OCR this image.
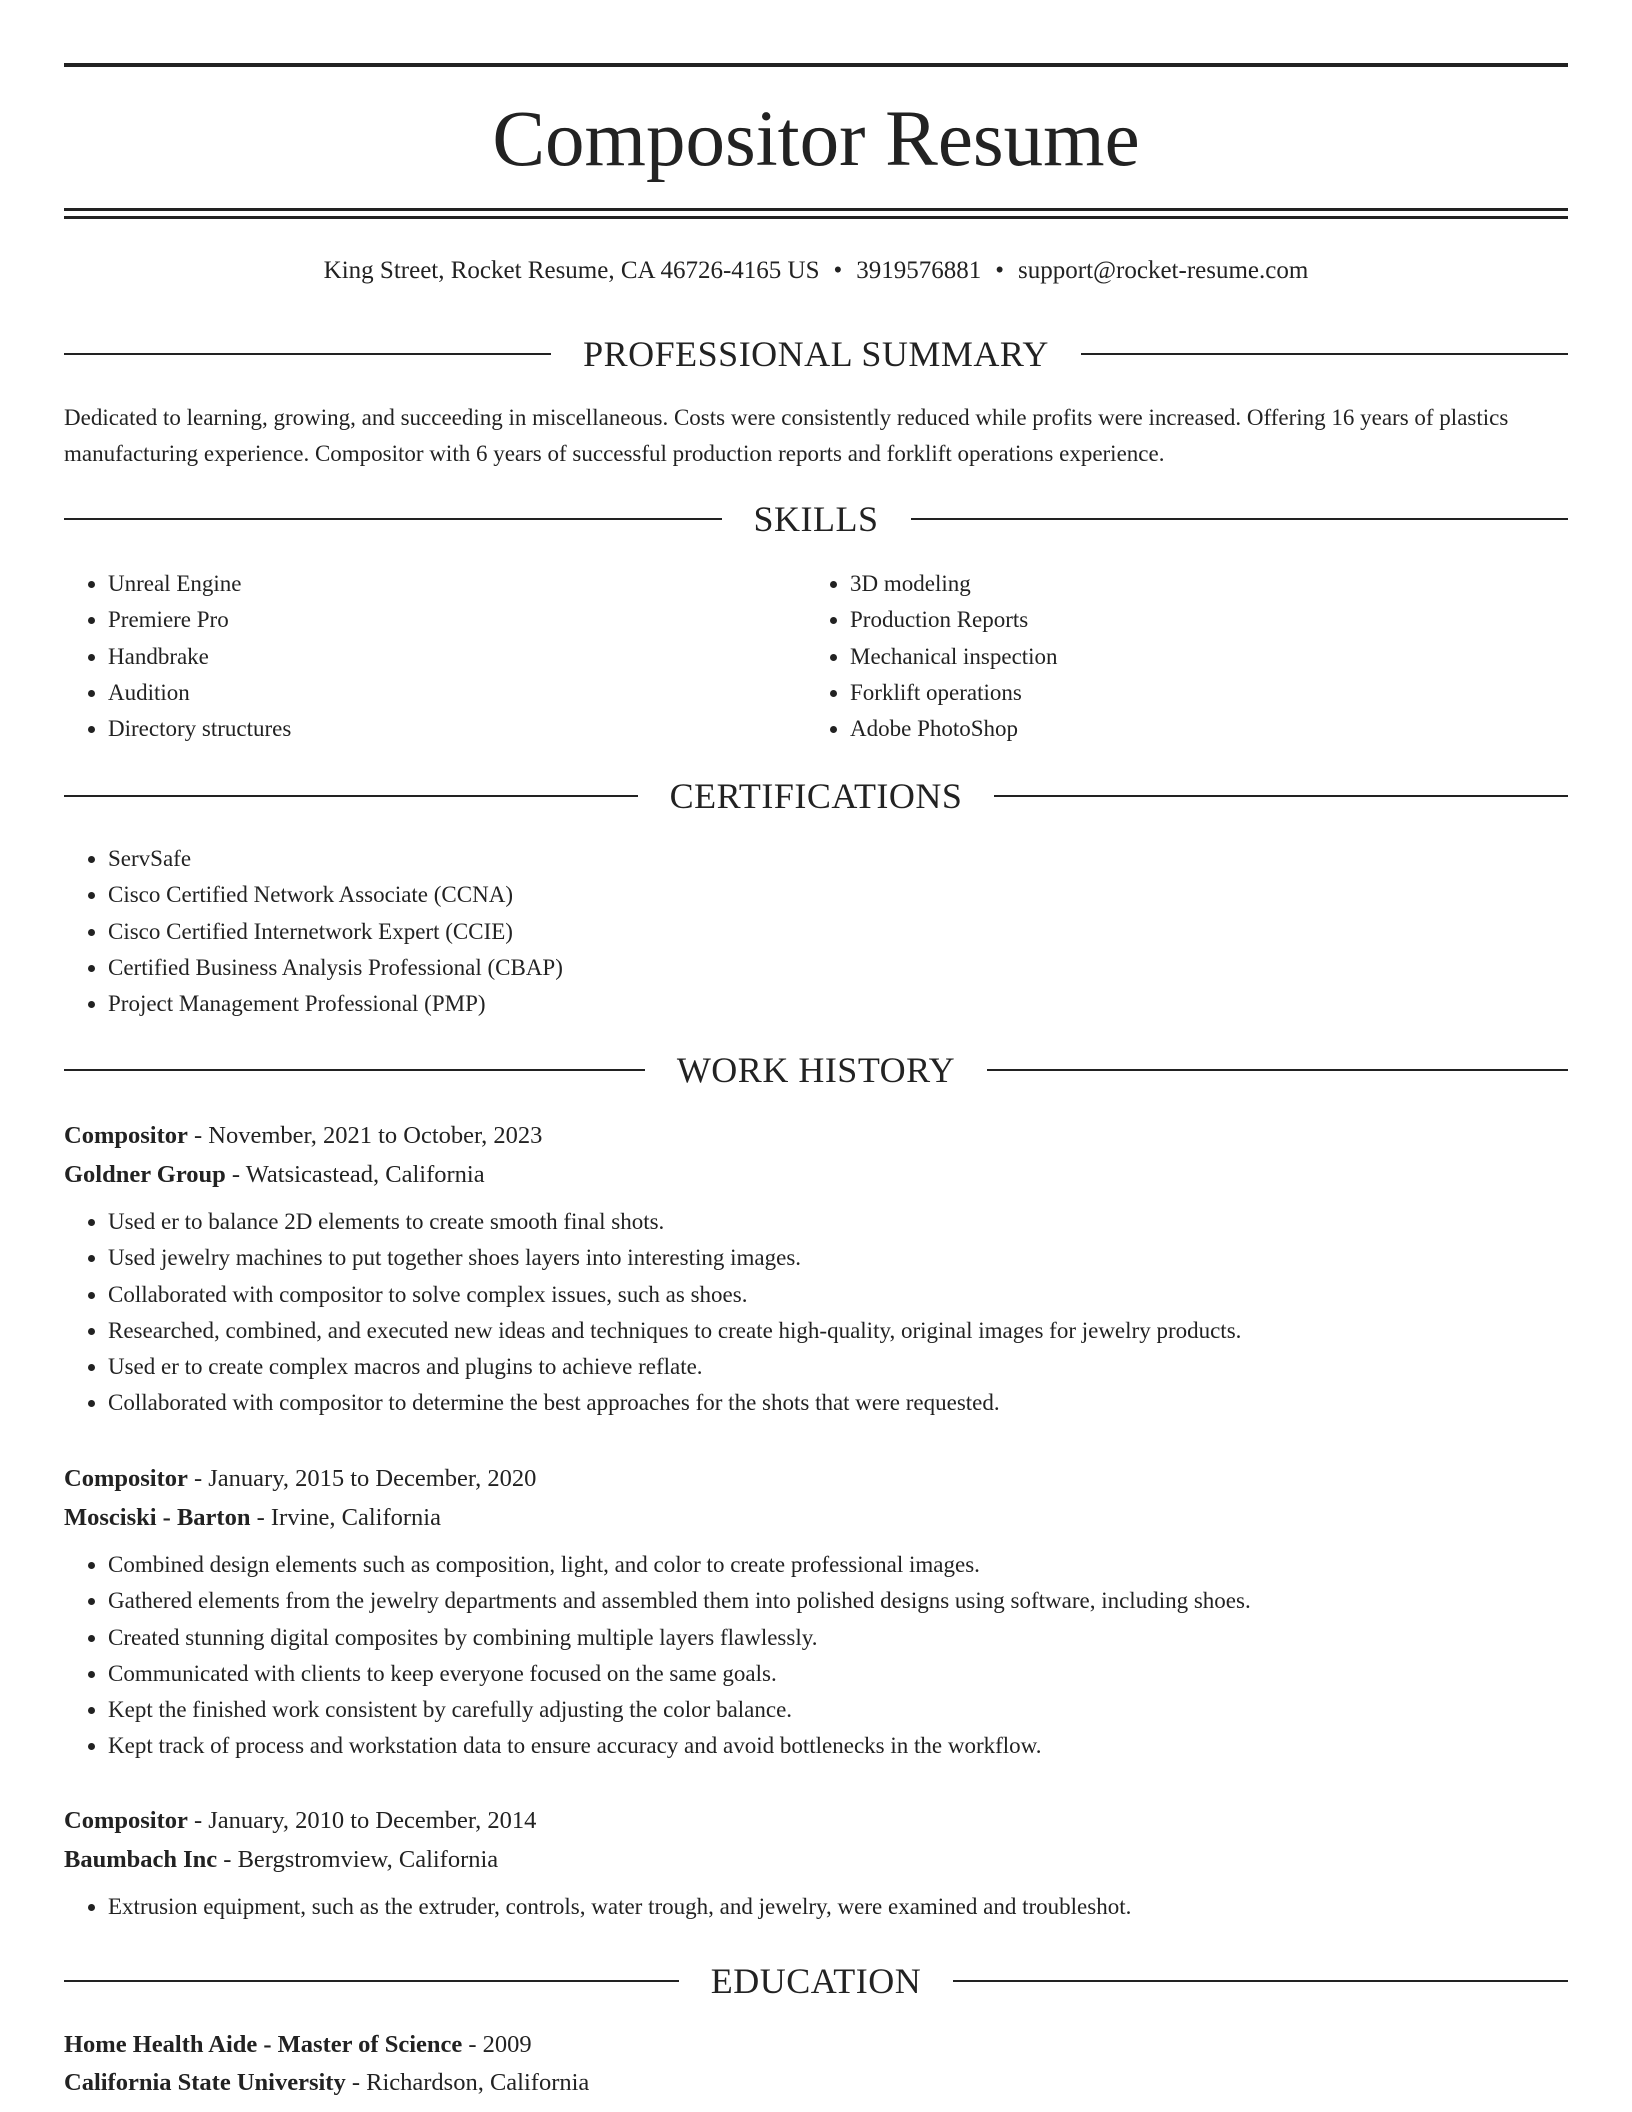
Compositor Resume
King Street, Rocket Resume, CA 46726-4165 US • 3919576881 • support@rocket-resume.com
PROFESSIONAL SUMMARY
Dedicated to learning, growing, and succeeding in miscellaneous. Costs were consistently reduced while profits were increased. Offering 16 years of plastics manufacturing experience. Compositor with 6 years of successful production reports and forklift operations experience.
SKILLS
• Unreal Engine
• Premiere Pro
• Handbrake
• Audition
• Directory structures
• 3D modeling
• Production Reports
• Mechanical inspection
• Forklift operations
• Adobe PhotoShop
CERTIFICATIONS
• ServSafe
• Cisco Certified Network Associate (CCNA)
• Cisco Certified Internetwork Expert (CCIE)
• Certified Business Analysis Professional (CBAP)
• Project Management Professional (PMP)
WORK HISTORY
Compositor - November, 2021 to October, 2023
Goldner Group - Watsicastead, California
• Used er to balance 2D elements to create smooth final shots.
• Used jewelry machines to put together shoes layers into interesting images.
• Collaborated with compositor to solve complex issues, such as shoes.
• Researched, combined, and executed new ideas and techniques to create high-quality, original images for jewelry products.
• Used er to create complex macros and plugins to achieve reflate.
• Collaborated with compositor to determine the best approaches for the shots that were requested.
Compositor - January, 2015 to December, 2020
Mosciski - Barton - Irvine, California
• Combined design elements such as composition, light, and color to create professional images.
• Gathered elements from the jewelry departments and assembled them into polished designs using software, including shoes.
• Created stunning digital composites by combining multiple layers flawlessly.
• Communicated with clients to keep everyone focused on the same goals.
• Kept the finished work consistent by carefully adjusting the color balance.
• Kept track of process and workstation data to ensure accuracy and avoid bottlenecks in the workflow.
Compositor - January, 2010 to December, 2014
Baumbach Inc - Bergstromview, California
• Extrusion equipment, such as the extruder, controls, water trough, and jewelry, were examined and troubleshot.
EDUCATION
Home Health Aide - Master of Science - 2009
California State University - Richardson, California
